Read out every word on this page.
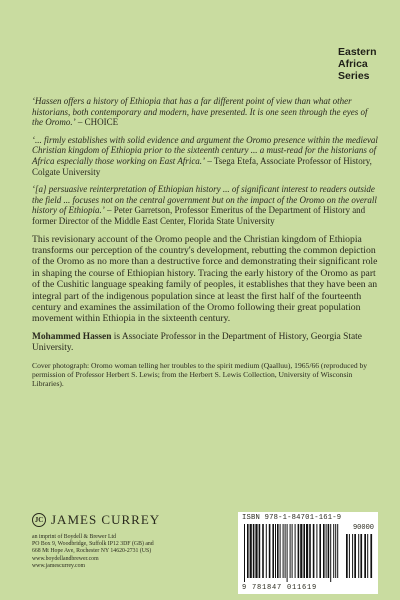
Eastern
Africa
Series

‘Hassen offers a history of Ethiopia that has a far different point of view than what other historians, both contemporary and modern, have presented. It is one seen through the eyes of the Oromo.’ – CHOICE

‘... firmly establishes with solid evidence and argument the Oromo presence within the medieval Christian kingdom of Ethiopia prior to the sixteenth century ... a must-read for the historians of Africa especially those working on East Africa.’ – Tsega Etefa, Associate Professor of History, Colgate University

‘[a] persuasive reinterpretation of Ethiopian history ... of significant interest to readers outside the field ... focuses not on the central government but on the impact of the Oromo on the overall history of Ethiopia.’ – Peter Garretson, Professor Emeritus of the Department of History and former Director of the Middle East Center, Florida State University

This revisionary account of the Oromo people and the Christian kingdom of Ethiopia transforms our perception of the country's development, rebutting the common depiction of the Oromo as no more than a destructive force and demonstrating their significant role in shaping the course of Ethiopian history. Tracing the early history of the Oromo as part of the Cushitic language speaking family of peoples, it establishes that they have been an integral part of the indigenous population since at least the first half of the fourteenth century and examines the assimilation of the Oromo following their great population movement within Ethiopia in the sixteenth century.

Mohammed Hassen is Associate Professor in the Department of History, Georgia State University.

Cover photograph: Oromo woman telling her troubles to the spirit medium (Qaalluu), 1965/66 (reproduced by permission of Professor Herbert S. Lewis; from the Herbert S. Lewis Collection, University of Wisconsin Libraries).

JC JAMES CURREY
an imprint of Boydell & Brewer Ltd
PO Box 9, Woodbridge, Suffolk IP12 3DF (GB) and
668 Mt Hope Ave, Rochester NY 14620-2731 (US)
www.boydellandbrewer.com
www.jamescurrey.com
ISBN 978-1-84701-161-9
90000
9 781847 011619
